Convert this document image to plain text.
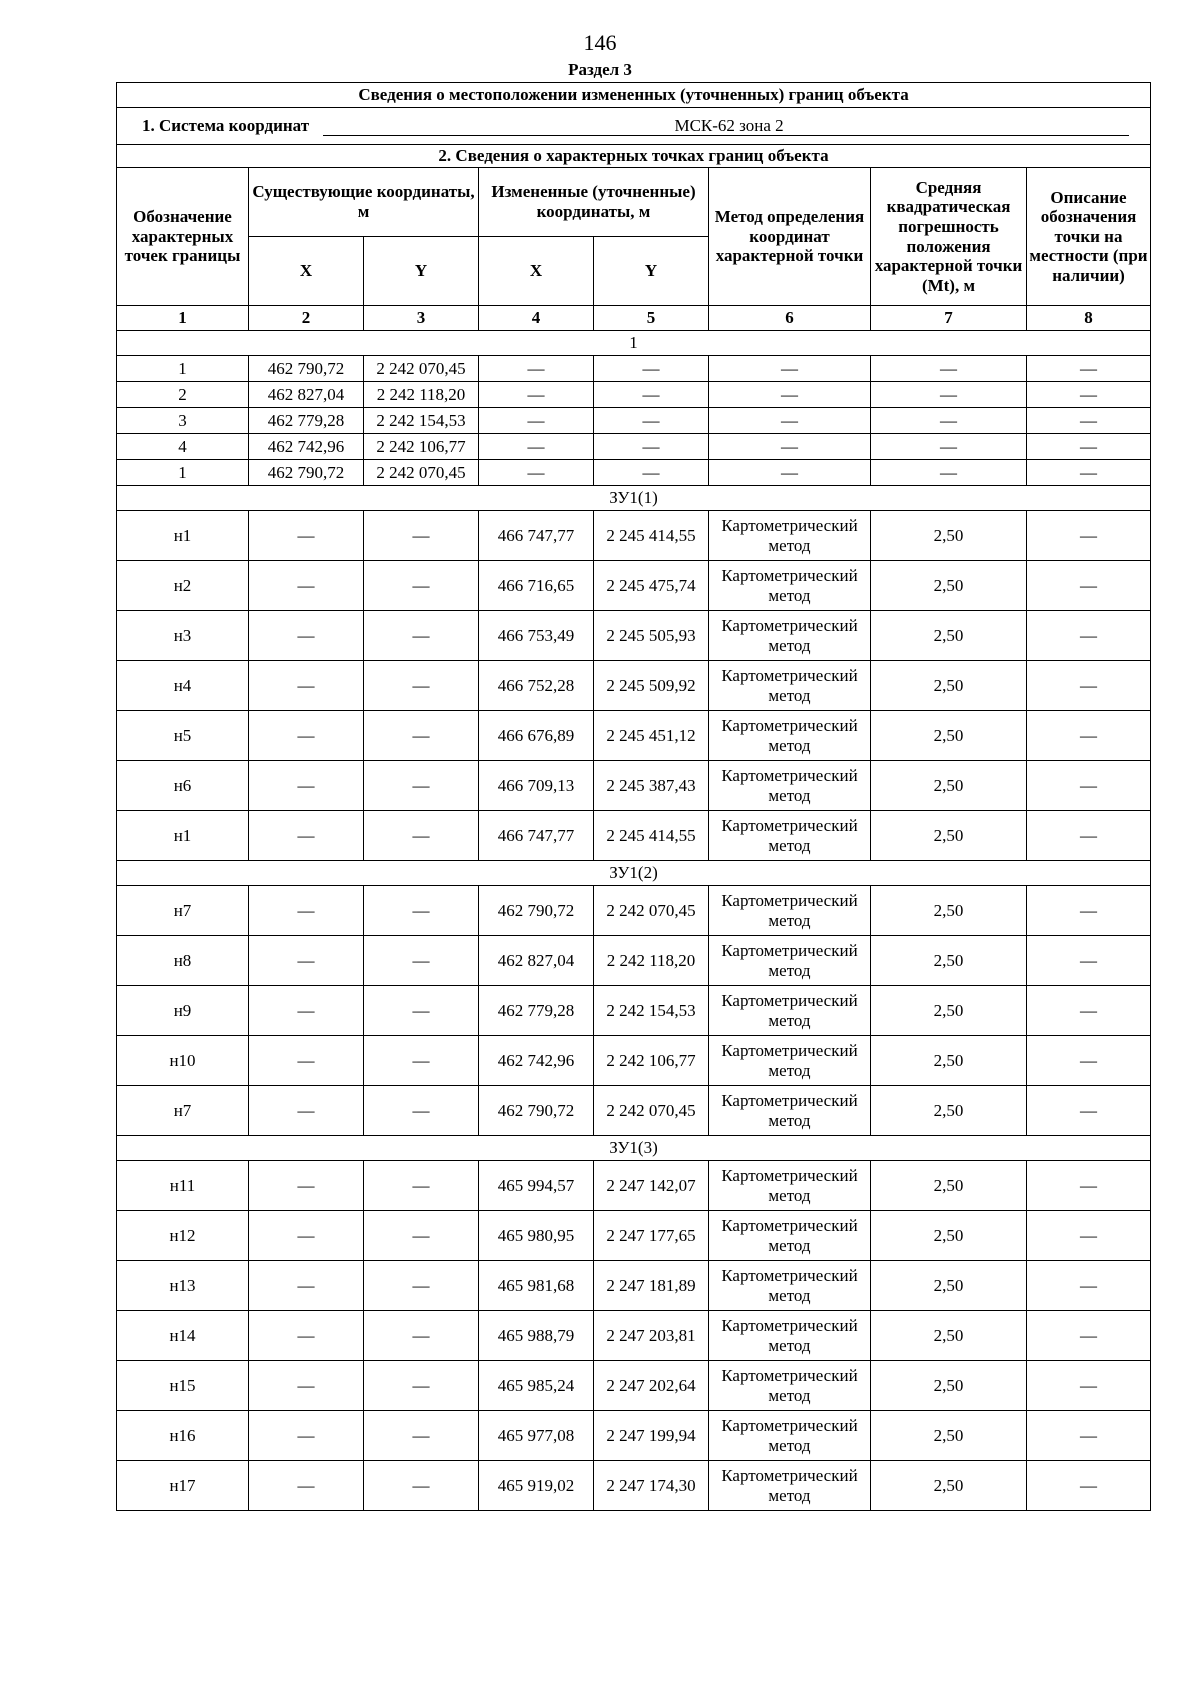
146
Раздел 3
Сведения о местоположении измененных (уточненных) границ объекта							
1. Система координат МСК-62 зона 2							
2. Сведения о характерных точках границ объекта							
Обозначение характерных точек границы	Существующие координаты, м		Измененные (уточненные) координаты, м		Метод определения координат характерной точки	Средняя квадратическая погрешность положения характерной точки (Mt), м	Описание обозначения точки на местности (при наличии)
	X	Y	X	Y			
1	2	3	4	5	6	7	8
1							
1	462 790,72	2 242 070,45	—	—	—	—	—
2	462 827,04	2 242 118,20	—	—	—	—	—
3	462 779,28	2 242 154,53	—	—	—	—	—
4	462 742,96	2 242 106,77	—	—	—	—	—
1	462 790,72	2 242 070,45	—	—	—	—	—
ЗУ1(1)							
н1	—	—	466 747,77	2 245 414,55	Картометрический метод	2,50	—
н2	—	—	466 716,65	2 245 475,74	Картометрический метод	2,50	—
н3	—	—	466 753,49	2 245 505,93	Картометрический метод	2,50	—
н4	—	—	466 752,28	2 245 509,92	Картометрический метод	2,50	—
н5	—	—	466 676,89	2 245 451,12	Картометрический метод	2,50	—
н6	—	—	466 709,13	2 245 387,43	Картометрический метод	2,50	—
н1	—	—	466 747,77	2 245 414,55	Картометрический метод	2,50	—
ЗУ1(2)							
н7	—	—	462 790,72	2 242 070,45	Картометрический метод	2,50	—
н8	—	—	462 827,04	2 242 118,20	Картометрический метод	2,50	—
н9	—	—	462 779,28	2 242 154,53	Картометрический метод	2,50	—
н10	—	—	462 742,96	2 242 106,77	Картометрический метод	2,50	—
н7	—	—	462 790,72	2 242 070,45	Картометрический метод	2,50	—
ЗУ1(3)							
н11	—	—	465 994,57	2 247 142,07	Картометрический метод	2,50	—
н12	—	—	465 980,95	2 247 177,65	Картометрический метод	2,50	—
н13	—	—	465 981,68	2 247 181,89	Картометрический метод	2,50	—
н14	—	—	465 988,79	2 247 203,81	Картометрический метод	2,50	—
н15	—	—	465 985,24	2 247 202,64	Картометрический метод	2,50	—
н16	—	—	465 977,08	2 247 199,94	Картометрический метод	2,50	—
н17	—	—	465 919,02	2 247 174,30	Картометрический метод	2,50	—
